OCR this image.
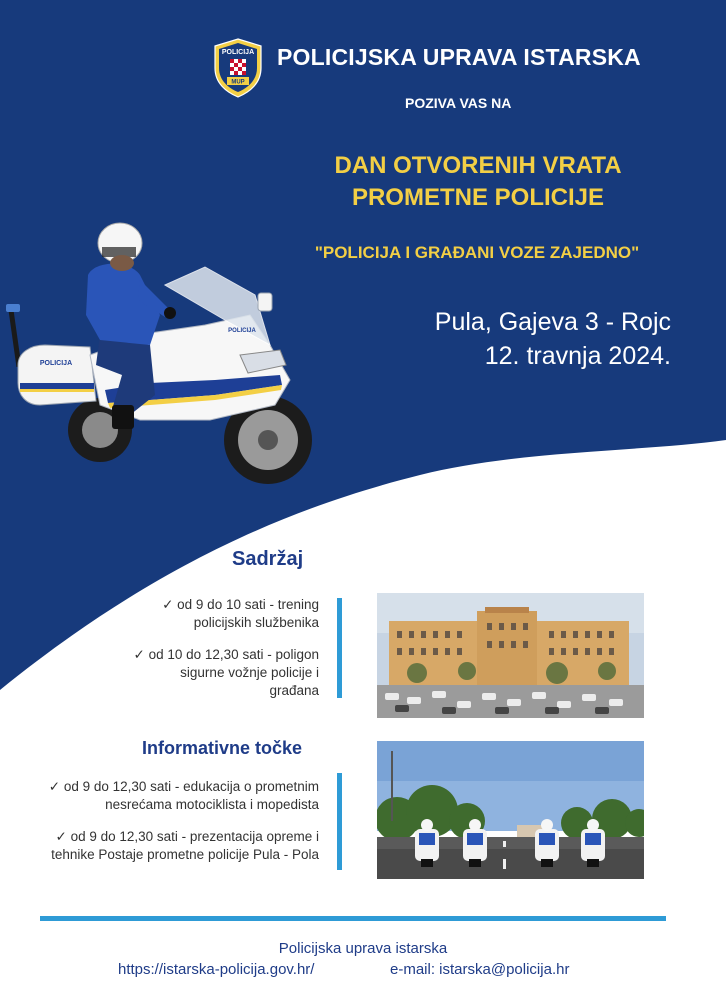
POLICIJA
MUP
POLICIJSKA UPRAVA ISTARSKA
POZIVA VAS NA
DAN OTVORENIH VRATA
PROMETNE POLICIJE
"POLICIJA I GRAĐANI VOZE ZAJEDNO"
Pula, Gajeva 3 - Rojc
12. travnja 2024.
POLICIJA
POLICIJA
Sadržaj
✓ od 9 do 10 sati - trening
policijskih službenika
✓ od 10 do 12,30 sati - poligon
sigurne vožnje policije i
građana
Informativne točke
✓ od 9 do 12,30 sati - edukacija o prometnim
nesrećama motociklista i mopedista
✓ od 9 do 12,30 sati - prezentacija opreme i
tehnike Postaje prometne policije Pula - Pola
Policijska uprava istarska
https://istarska-policija.gov.hr/	e-mail: istarska@policija.hr
